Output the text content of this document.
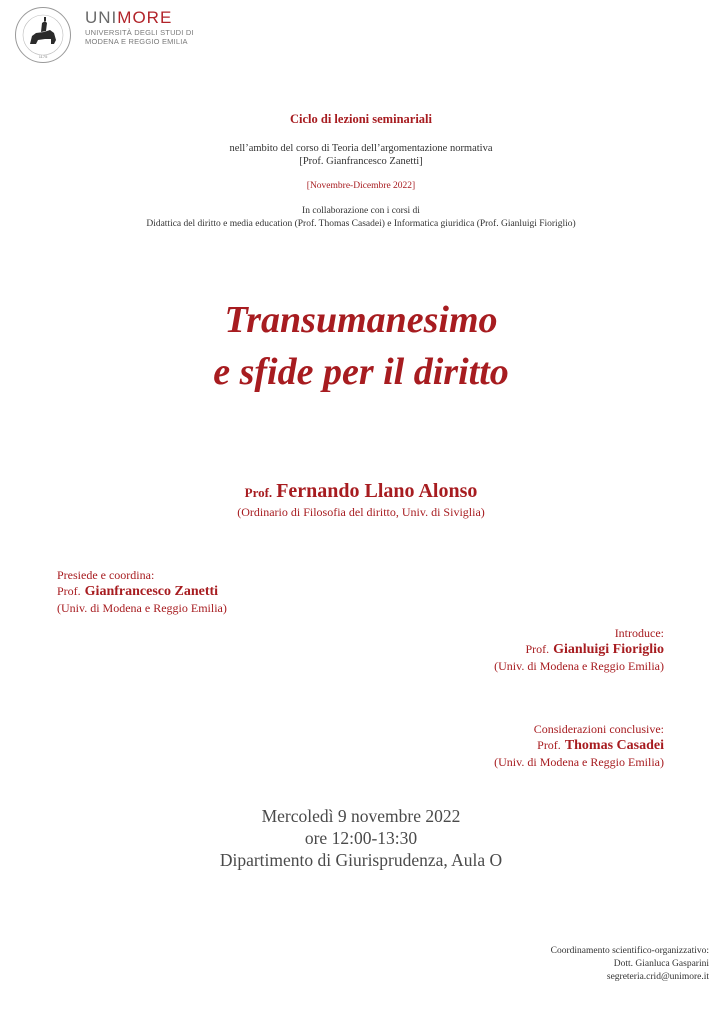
1175
UNIMORE
UNIVERSITÀ DEGLI STUDI DI
MODENA E REGGIO EMILIA
Ciclo di lezioni seminariali
nell’ambito del corso di Teoria dell’argomentazione normativa
[Prof. Gianfrancesco Zanetti]
[Novembre-Dicembre 2022]
In collaborazione con i corsi di
Didattica del diritto e media education (Prof. Thomas Casadei) e Informatica giuridica (Prof. Gianluigi Fioriglio)
Transumanesimo
e sfide per il diritto
Prof. Fernando Llano Alonso
(Ordinario di Filosofia del diritto, Univ. di Siviglia)
Presiede e coordina:
Prof. Gianfrancesco Zanetti
(Univ. di Modena e Reggio Emilia)
Introduce:
Prof. Gianluigi Fioriglio
(Univ. di Modena e Reggio Emilia)
Considerazioni conclusive:
Prof. Thomas Casadei
(Univ. di Modena e Reggio Emilia)
Mercoledì 9 novembre 2022
ore 12:00-13:30
Dipartimento di Giurisprudenza, Aula O
Coordinamento scientifico-organizzativo:
Dott. Gianluca Gasparini
segreteria.crid@unimore.it
